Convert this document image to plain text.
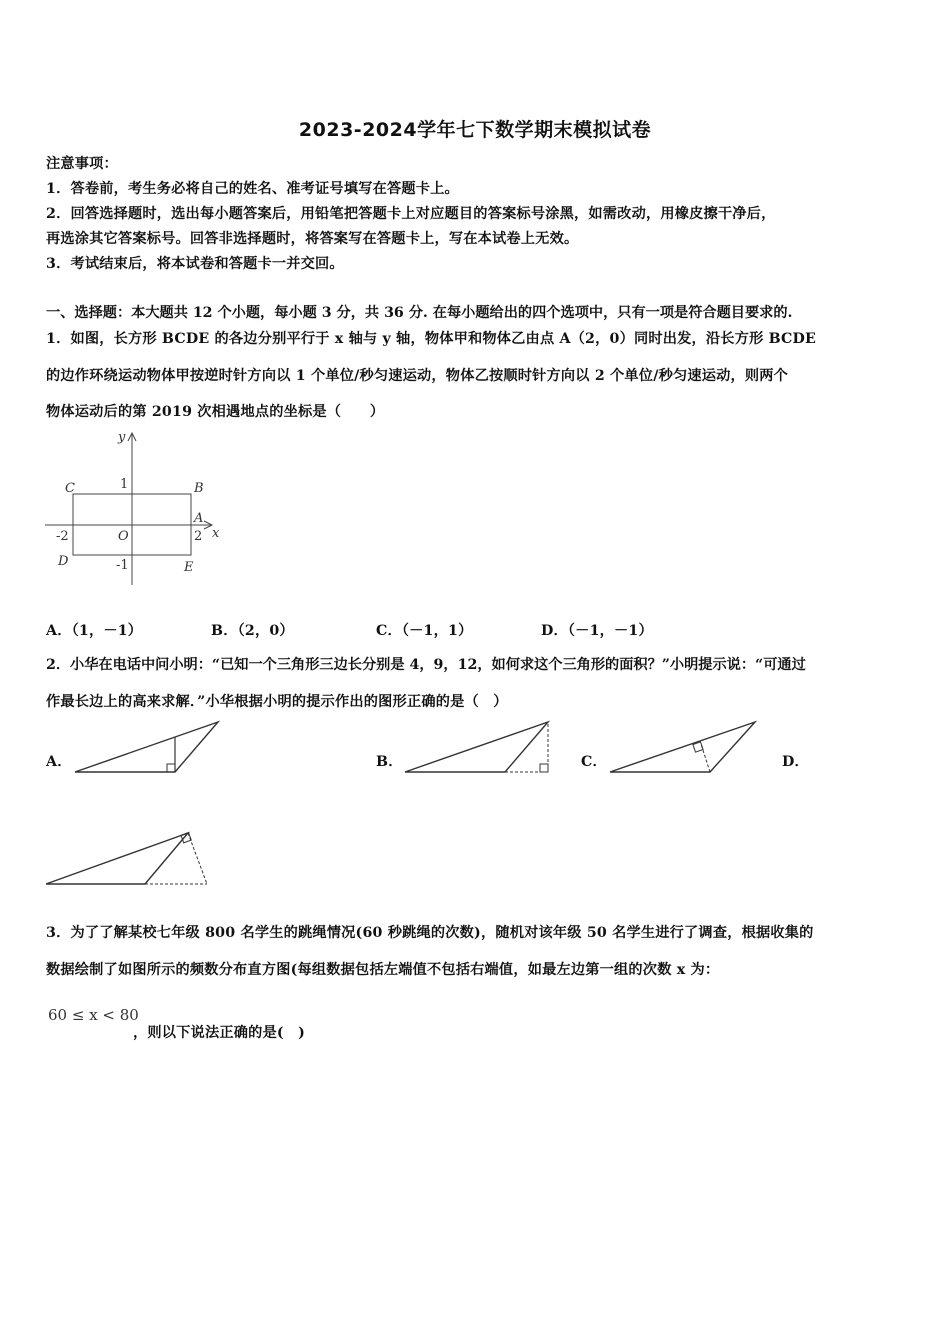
2023-2024学年七下数学期末模拟试卷
注意事项：
1．答卷前，考生务必将自己的姓名、准考证号填写在答题卡上。
2．回答选择题时，选出每小题答案后，用铅笔把答题卡上对应题目的答案标号涂黑，如需改动，用橡皮擦干净后，
再选涂其它答案标号。回答非选择题时，将答案写在答题卡上，写在本试卷上无效。
3．考试结束后，将本试卷和答题卡一并交回。
一、选择题：本大题共 12 个小题，每小题 3 分，共 36 分. 在每小题给出的四个选项中，只有一项是符合题目要求的.
1．如图，长方形 BCDE 的各边分别平行于 x 轴与 y 轴，物体甲和物体乙由点 A（2，0）同时出发，沿长方形 BCDE
的边作环绕运动物体甲按逆时针方向以 1 个单位/秒匀速运动，物体乙按顺时针方向以 2 个单位/秒匀速运动，则两个
物体运动后的第 2019 次相遇地点的坐标是（　　）
y
x
C	B
A
D	E
O
1
-1
-2	2
A．（1，－1）	B．（2，0）	C．（－1，1）	D．（－1，－1）
2．小华在电话中问小明：“已知一个三角形三边长分别是 4，9，12，如何求这个三角形的面积？”小明提示说：“可通过
作最长边上的高来求解．”小华根据小明的提示作出的图形正确的是（　）
A．	B．	C．	D．
3．为了了解某校七年级 800 名学生的跳绳情况(60 秒跳绳的次数)，随机对该年级 50 名学生进行了调查，根据收集的
数据绘制了如图所示的频数分布直方图(每组数据包括左端值不包括右端值，如最左边第一组的次数 x 为：
60 ≤ x < 80
，则以下说法正确的是(　)
